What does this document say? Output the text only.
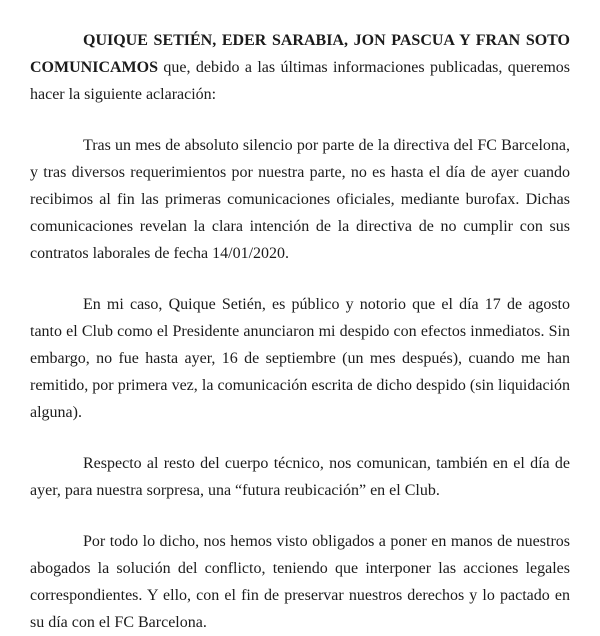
QUIQUE SETIÉN, EDER SARABIA, JON PASCUA Y FRAN SOTO COMUNICAMOS que, debido a las últimas informaciones publicadas, queremos hacer la siguiente aclaración:

Tras un mes de absoluto silencio por parte de la directiva del FC Barcelona, y tras diversos requerimientos por nuestra parte, no es hasta el día de ayer cuando recibimos al fin las primeras comunicaciones oficiales, mediante burofax. Dichas comunicaciones revelan la clara intención de la directiva de no cumplir con sus contratos laborales de fecha 14/01/2020.

En mi caso, Quique Setién, es público y notorio que el día 17 de agosto tanto el Club como el Presidente anunciaron mi despido con efectos inmediatos. Sin embargo, no fue hasta ayer, 16 de septiembre (un mes después), cuando me han remitido, por primera vez, la comunicación escrita de dicho despido (sin liquidación alguna).

Respecto al resto del cuerpo técnico, nos comunican, también en el día de ayer, para nuestra sorpresa, una “futura reubicación” en el Club.

Por todo lo dicho, nos hemos visto obligados a poner en manos de nuestros abogados la solución del conflicto, teniendo que interponer las acciones legales correspondientes. Y ello, con el fin de preservar nuestros derechos y lo pactado en su día con el FC Barcelona.
